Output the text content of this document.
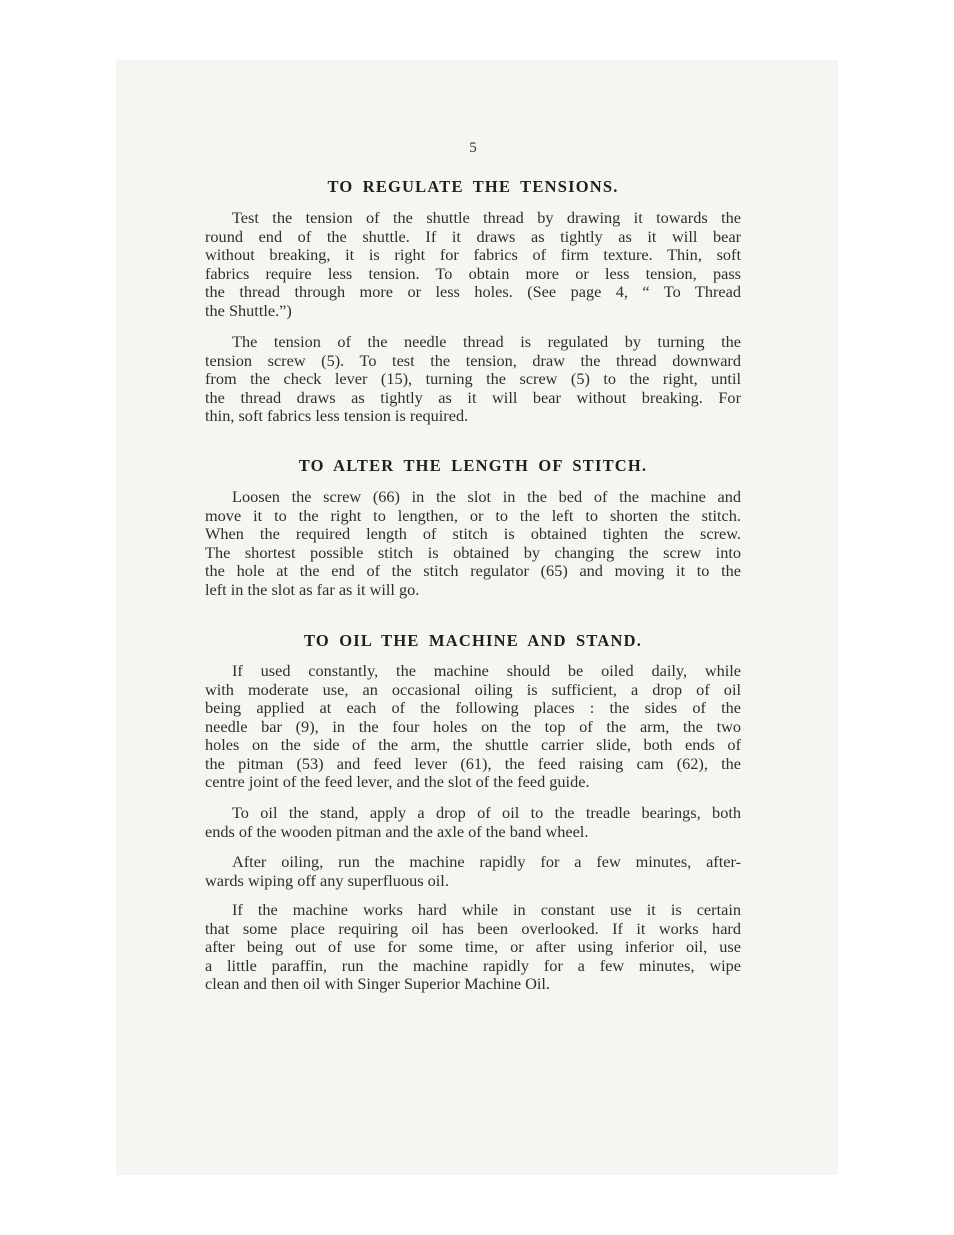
5
TO REGULATE THE TENSIONS.

Test the tension of the shuttle thread by drawing it towards the
round end of the shuttle. If it draws as tightly as it will bear
without breaking, it is right for fabrics of firm texture. Thin, soft
fabrics require less tension. To obtain more or less tension, pass
the thread through more or less holes. (See page 4, “ To Thread
the Shuttle.”)

The tension of the needle thread is regulated by turning the
tension screw (5). To test the tension, draw the thread downward
from the check lever (15), turning the screw (5) to the right, until
the thread draws as tightly as it will bear without breaking. For
thin, soft fabrics less tension is required.

TO ALTER THE LENGTH OF STITCH.

Loosen the screw (66) in the slot in the bed of the machine and
move it to the right to lengthen, or to the left to shorten the stitch.
When the required length of stitch is obtained tighten the screw.
The shortest possible stitch is obtained by changing the screw into
the hole at the end of the stitch regulator (65) and moving it to the
left in the slot as far as it will go.

TO OIL THE MACHINE AND STAND.

If used constantly, the machine should be oiled daily, while
with moderate use, an occasional oiling is sufficient, a drop of oil
being applied at each of the following places : the sides of the
needle bar (9), in the four holes on the top of the arm, the two
holes on the side of the arm, the shuttle carrier slide, both ends of
the pitman (53) and feed lever (61), the feed raising cam (62), the
centre joint of the feed lever, and the slot of the feed guide.

To oil the stand, apply a drop of oil to the treadle bearings, both
ends of the wooden pitman and the axle of the band wheel.

After oiling, run the machine rapidly for a few minutes, after-
wards wiping off any superfluous oil.

If the machine works hard while in constant use it is certain
that some place requiring oil has been overlooked. If it works hard
after being out of use for some time, or after using inferior oil, use
a little paraffin, run the machine rapidly for a few minutes, wipe
clean and then oil with Singer Superior Machine Oil.
